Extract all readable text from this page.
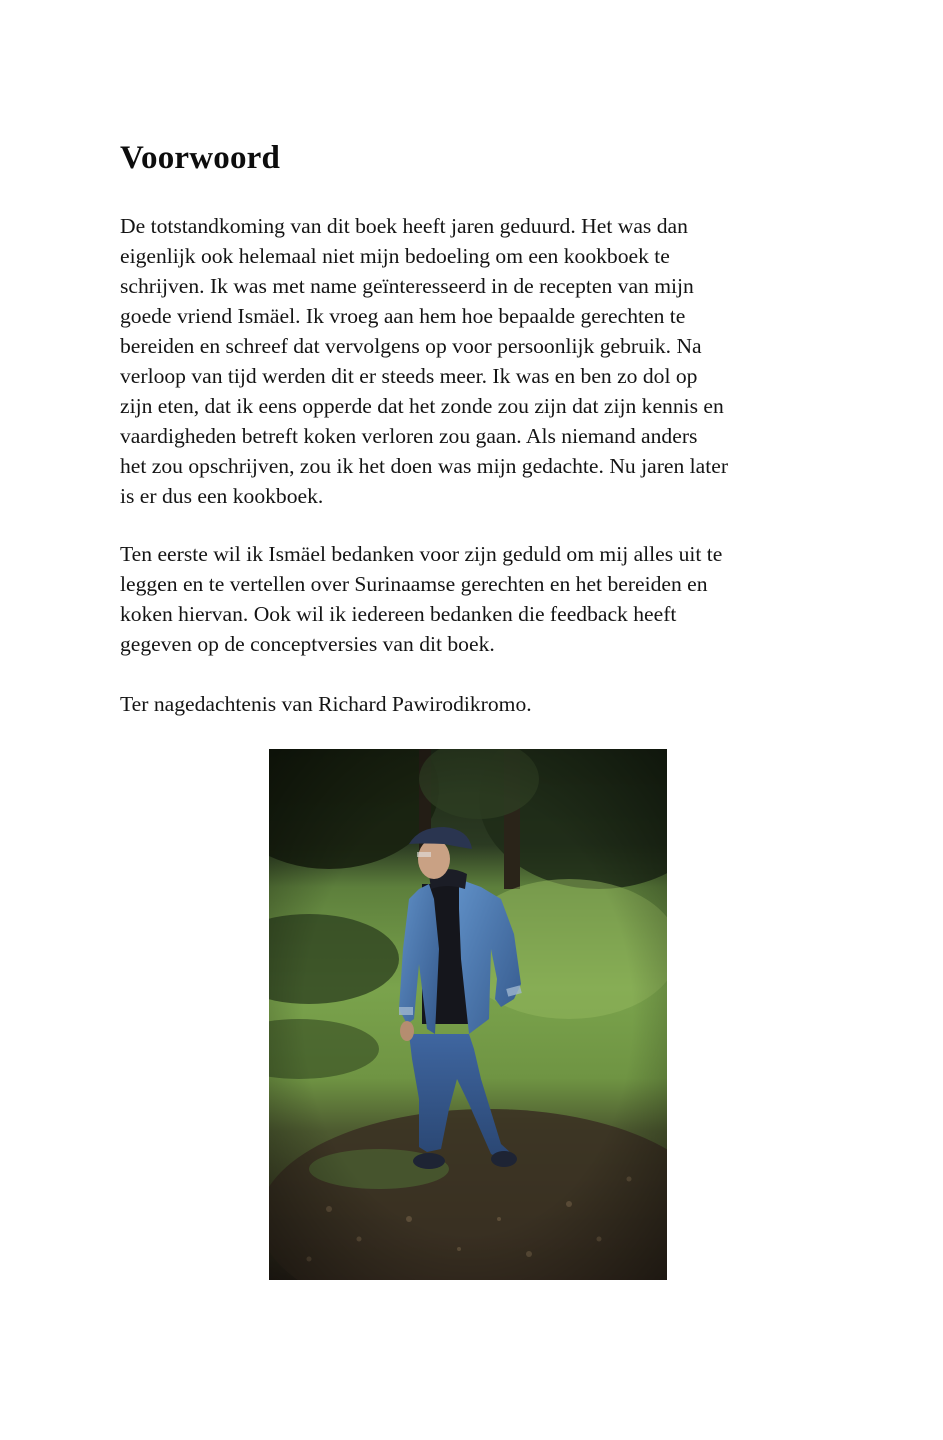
Voorwoord

De totstandkoming van dit boek heeft jaren geduurd. Het was dan
eigenlijk ook helemaal niet mijn bedoeling om een kookboek te
schrijven. Ik was met name geïnteresseerd in de recepten van mijn
goede vriend Ismäel. Ik vroeg aan hem hoe bepaalde gerechten te
bereiden en schreef dat vervolgens op voor persoonlijk gebruik. Na
verloop van tijd werden dit er steeds meer. Ik was en ben zo dol op
zijn eten, dat ik eens opperde dat het zonde zou zijn dat zijn kennis en
vaardigheden betreft koken verloren zou gaan. Als niemand anders
het zou opschrijven, zou ik het doen was mijn gedachte. Nu jaren later
is er dus een kookboek.

Ten eerste wil ik Ismäel bedanken voor zijn geduld om mij alles uit te
leggen en te vertellen over Surinaamse gerechten en het bereiden en
koken hiervan. Ook wil ik iedereen bedanken die feedback heeft
gegeven op de conceptversies van dit boek.

Ter nagedachtenis van Richard Pawirodikromo.
